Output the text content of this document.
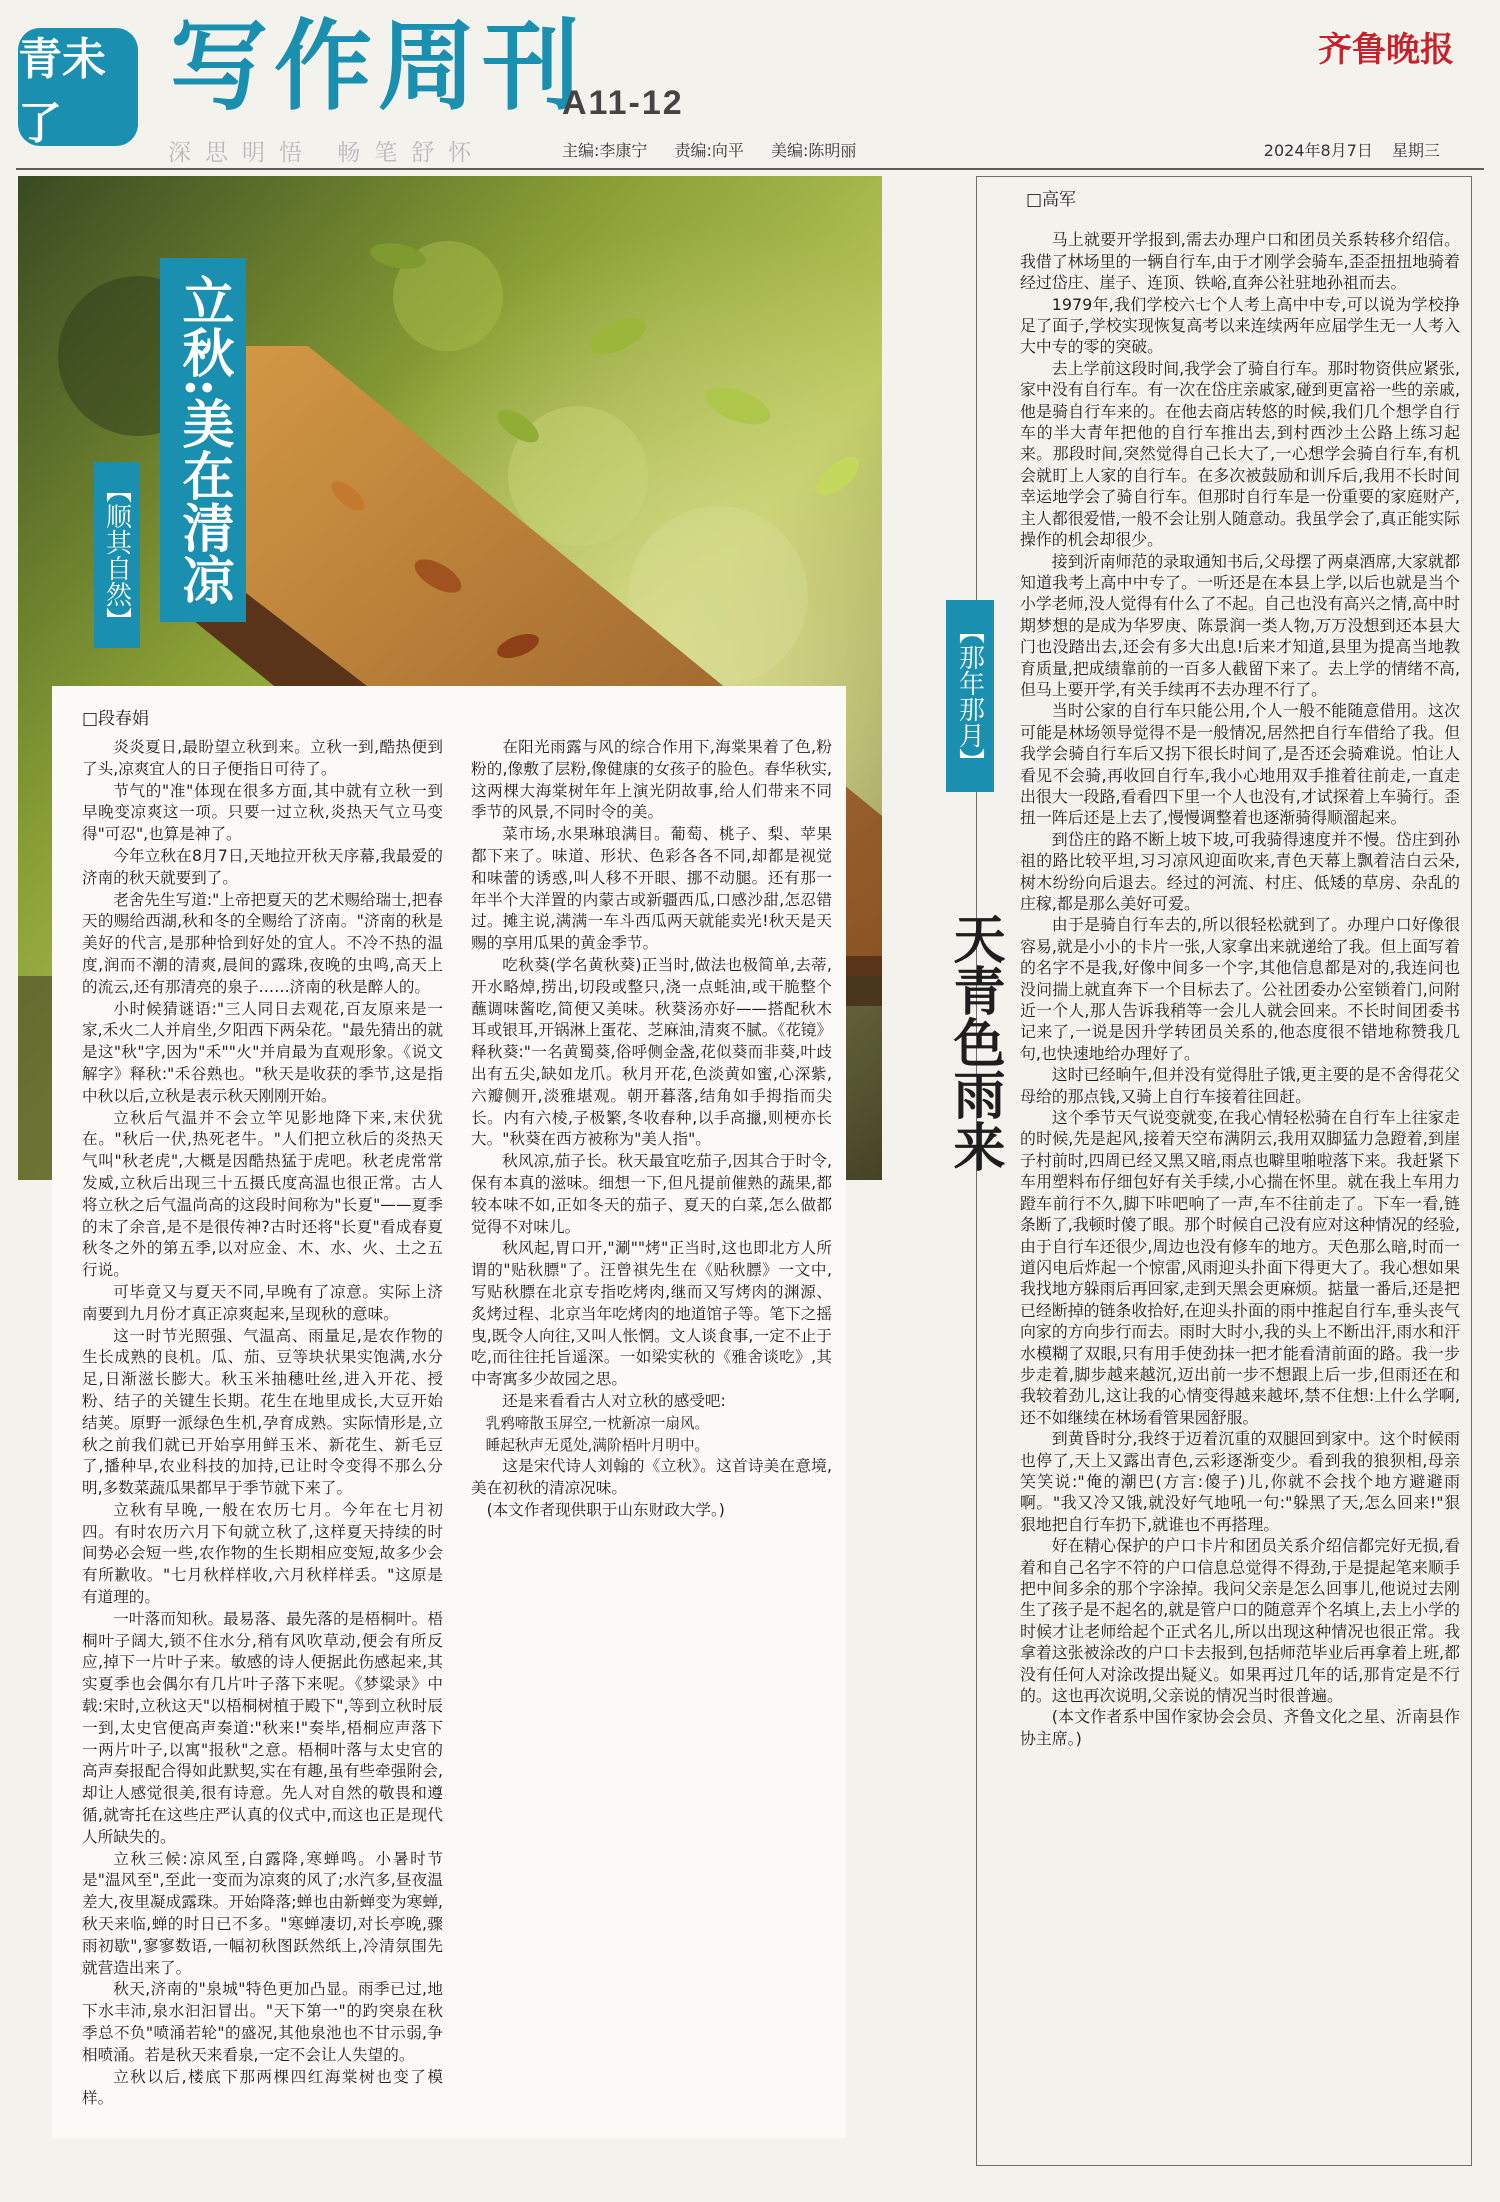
青未了	写作周刊
A11-12
齐鲁晚报
深思明悟 畅笔舒怀	主编:李康宁 责编:向平 美编:陈明丽	2024年8月7日 星期三
立秋:美在清凉
【顺其自然】
□段春娟

炎炎夏日,最盼望立秋到来。立秋一到,酷热便到了头,凉爽宜人的日子便指日可待了。

节气的"准"体现在很多方面,其中就有立秋一到早晚变凉爽这一项。只要一过立秋,炎热天气立马变得"可忍",也算是神了。

今年立秋在8月7日,天地拉开秋天序幕,我最爱的济南的秋天就要到了。

老舍先生写道:"上帝把夏天的艺术赐给瑞士,把春天的赐给西湖,秋和冬的全赐给了济南。"济南的秋是美好的代言,是那种恰到好处的宜人。不冷不热的温度,润而不潮的清爽,晨间的露珠,夜晚的虫鸣,高天上的流云,还有那清亮的泉子……济南的秋是醉人的。

小时候猜谜语:"三人同日去观花,百友原来是一家,禾火二人并肩坐,夕阳西下两朵花。"最先猜出的就是这"秋"字,因为"禾""火"并肩最为直观形象。《说文解字》释秋:"禾谷熟也。"秋天是收获的季节,这是指中秋以后,立秋是表示秋天刚刚开始。

立秋后气温并不会立竿见影地降下来,末伏犹在。"秋后一伏,热死老牛。"人们把立秋后的炎热天气叫"秋老虎",大概是因酷热猛于虎吧。秋老虎常常发威,立秋后出现三十五摄氏度高温也很正常。古人将立秋之后气温尚高的这段时间称为"长夏"——夏季的末了余音,是不是很传神?古时还将"长夏"看成春夏秋冬之外的第五季,以对应金、木、水、火、土之五行说。

可毕竟又与夏天不同,早晚有了凉意。实际上济南要到九月份才真正凉爽起来,呈现秋的意味。

这一时节光照强、气温高、雨量足,是农作物的生长成熟的良机。瓜、茄、豆等块状果实饱满,水分足,日渐滋长膨大。秋玉米抽穗吐丝,进入开花、授粉、结子的关键生长期。花生在地里成长,大豆开始结荚。原野一派绿色生机,孕育成熟。实际情形是,立秋之前我们就已开始享用鲜玉米、新花生、新毛豆了,播种早,农业科技的加持,已让时令变得不那么分明,多数菜蔬瓜果都早于季节就下来了。

立秋有早晚,一般在农历七月。今年在七月初四。有时农历六月下旬就立秋了,这样夏天持续的时间势必会短一些,农作物的生长期相应变短,故多少会有所歉收。"七月秋样样收,六月秋样样丢。"这原是有道理的。

一叶落而知秋。最易落、最先落的是梧桐叶。梧桐叶子阔大,锁不住水分,稍有风吹草动,便会有所反应,掉下一片叶子来。敏感的诗人便据此伤感起来,其实夏季也会偶尔有几片叶子落下来呢。《梦粱录》中载:宋时,立秋这天"以梧桐树植于殿下",等到立秋时辰一到,太史官便高声奏道:"秋来!"奏毕,梧桐应声落下一两片叶子,以寓"报秋"之意。梧桐叶落与太史官的高声奏报配合得如此默契,实在有趣,虽有些牵强附会,却让人感觉很美,很有诗意。先人对自然的敬畏和遵循,就寄托在这些庄严认真的仪式中,而这也正是现代人所缺失的。

立秋三候:凉风至,白露降,寒蝉鸣。小暑时节是"温风至",至此一变而为凉爽的风了;水汽多,昼夜温差大,夜里凝成露珠。开始降落;蝉也由新蝉变为寒蝉,秋天来临,蝉的时日已不多。"寒蝉凄切,对长亭晚,骤雨初歇",寥寥数语,一幅初秋图跃然纸上,冷清氛围先就营造出来了。

秋天,济南的"泉城"特色更加凸显。雨季已过,地下水丰沛,泉水汩汩冒出。"天下第一"的趵突泉在秋季总不负"喷涌若轮"的盛况,其他泉池也不甘示弱,争相喷涌。若是秋天来看泉,一定不会让人失望的。

立秋以后,楼底下那两棵四红海棠树也变了模样。

在阳光雨露与风的综合作用下,海棠果着了色,粉粉的,像敷了层粉,像健康的女孩子的脸色。春华秋实,这两棵大海棠树年年上演光阴故事,给人们带来不同季节的风景,不同时令的美。

菜市场,水果琳琅满目。葡萄、桃子、梨、苹果都下来了。味道、形状、色彩各各不同,却都是视觉和味蕾的诱惑,叫人移不开眼、挪不动腿。还有那一年半个大洋置的内蒙古或新疆西瓜,口感沙甜,怎忍错过。摊主说,满满一车斗西瓜两天就能卖光!秋天是天赐的享用瓜果的黄金季节。

吃秋葵(学名黄秋葵)正当时,做法也极简单,去蒂,开水略焯,捞出,切段或整只,浇一点蚝油,或干脆整个蘸调味酱吃,简便又美味。秋葵汤亦好——搭配秋木耳或银耳,开锅淋上蛋花、芝麻油,清爽不腻。《花镜》释秋葵:"一名黄蜀葵,俗呼侧金盏,花似葵而非葵,叶歧出有五尖,缺如龙爪。秋月开花,色淡黄如蜜,心深紫,六瓣侧开,淡雅堪观。朝开暮落,结角如手拇指而尖长。内有六棱,子极繁,冬收春种,以手高擸,则梗亦长大。"秋葵在西方被称为"美人指"。

秋风凉,茄子长。秋天最宜吃茄子,因其合于时令,保有本真的滋味。细想一下,但凡提前催熟的蔬果,都较本味不如,正如冬天的茄子、夏天的白菜,怎么做都觉得不对味儿。

秋风起,胃口开,"涮""烤"正当时,这也即北方人所谓的"贴秋膘"了。汪曾祺先生在《贴秋膘》一文中,写贴秋膘在北京专指吃烤肉,继而又写烤肉的渊源、炙烤过程、北京当年吃烤肉的地道馆子等。笔下之摇曳,既令人向往,又叫人怅惘。文人谈食事,一定不止于吃,而往往托旨遥深。一如梁实秋的《雅舍谈吃》,其中寄寓多少故园之思。

还是来看看古人对立秋的感受吧:

乳鸦啼散玉屏空,一枕新凉一扇风。

睡起秋声无觅处,满阶梧叶月明中。

这是宋代诗人刘翰的《立秋》。这首诗美在意境,美在初秋的清凉况味。

(本文作者现供职于山东财政大学。)

【那年那月】
天青色雨来
□高军

马上就要开学报到,需去办理户口和团员关系转移介绍信。我借了林场里的一辆自行车,由于才刚学会骑车,歪歪扭扭地骑着经过岱庄、崖子、连顶、铁峪,直奔公社驻地孙祖而去。

1979年,我们学校六七个人考上高中中专,可以说为学校挣足了面子,学校实现恢复高考以来连续两年应届学生无一人考入大中专的零的突破。

去上学前这段时间,我学会了骑自行车。那时物资供应紧张,家中没有自行车。有一次在岱庄亲戚家,碰到更富裕一些的亲戚,他是骑自行车来的。在他去商店转悠的时候,我们几个想学自行车的半大青年把他的自行车推出去,到村西沙土公路上练习起来。那段时间,突然觉得自己长大了,一心想学会骑自行车,有机会就盯上人家的自行车。在多次被鼓励和训斥后,我用不长时间幸运地学会了骑自行车。但那时自行车是一份重要的家庭财产,主人都很爱惜,一般不会让别人随意动。我虽学会了,真正能实际操作的机会却很少。

接到沂南师范的录取通知书后,父母摆了两桌酒席,大家就都知道我考上高中中专了。一听还是在本县上学,以后也就是当个小学老师,没人觉得有什么了不起。自己也没有高兴之情,高中时期梦想的是成为华罗庚、陈景润一类人物,万万没想到还本县大门也没踏出去,还会有多大出息!后来才知道,县里为提高当地教育质量,把成绩靠前的一百多人截留下来了。去上学的情绪不高,但马上要开学,有关手续再不去办理不行了。

当时公家的自行车只能公用,个人一般不能随意借用。这次可能是林场领导觉得不是一般情况,居然把自行车借给了我。但我学会骑自行车后又拐下很长时间了,是否还会骑难说。怕让人看见不会骑,再收回自行车,我小心地用双手推着往前走,一直走出很大一段路,看看四下里一个人也没有,才试探着上车骑行。歪扭一阵后还是上去了,慢慢调整着也逐渐骑得顺溜起来。

到岱庄的路不断上坡下坡,可我骑得速度并不慢。岱庄到孙祖的路比较平坦,习习凉风迎面吹来,青色天幕上飘着洁白云朵,树木纷纷向后退去。经过的河流、村庄、低矮的草房、杂乱的庄稼,都是那么美好可爱。

由于是骑自行车去的,所以很轻松就到了。办理户口好像很容易,就是小小的卡片一张,人家拿出来就递给了我。但上面写着的名字不是我,好像中间多一个字,其他信息都是对的,我连问也没问揣上就直奔下一个目标去了。公社团委办公室锁着门,问附近一个人,那人告诉我稍等一会儿人就会回来。不长时间团委书记来了,一说是因升学转团员关系的,他态度很不错地称赞我几句,也快速地给办理好了。

这时已经晌午,但并没有觉得肚子饿,更主要的是不舍得花父母给的那点钱,又骑上自行车接着往回赶。

这个季节天气说变就变,在我心情轻松骑在自行车上往家走的时候,先是起风,接着天空布满阴云,我用双脚猛力急蹬着,到崖子村前时,四周已经又黑又暗,雨点也噼里啪啦落下来。我赶紧下车用塑料布仔细包好有关手续,小心揣在怀里。就在我上车用力蹬车前行不久,脚下咔吧响了一声,车不往前走了。下车一看,链条断了,我顿时傻了眼。那个时候自己没有应对这种情况的经验,由于自行车还很少,周边也没有修车的地方。天色那么暗,时而一道闪电后炸起一个惊雷,风雨迎头扑面下得更大了。我心想如果我找地方躲雨后再回家,走到天黑会更麻烦。掂量一番后,还是把已经断掉的链条收拾好,在迎头扑面的雨中推起自行车,垂头丧气向家的方向步行而去。雨时大时小,我的头上不断出汗,雨水和汗水模糊了双眼,只有用手使劲抹一把才能看清前面的路。我一步步走着,脚步越来越沉,迈出前一步不想跟上后一步,但雨还在和我较着劲儿,这让我的心情变得越来越坏,禁不住想:上什么学啊,还不如继续在林场看管果园舒服。

到黄昏时分,我终于迈着沉重的双腿回到家中。这个时候雨也停了,天上又露出青色,云彩逐渐变少。看到我的狼狈相,母亲笑笑说:"俺的潮巴(方言:傻子)儿,你就不会找个地方避避雨啊。"我又冷又饿,就没好气地吼一句:"躲黑了天,怎么回来!"狠狠地把自行车扔下,就谁也不再搭理。

好在精心保护的户口卡片和团员关系介绍信都完好无损,看着和自己名字不符的户口信息总觉得不得劲,于是提起笔来顺手把中间多余的那个字涂掉。我问父亲是怎么回事儿,他说过去刚生了孩子是不起名的,就是管户口的随意弄个名填上,去上小学的时候才让老师给起个正式名儿,所以出现这种情况也很正常。我拿着这张被涂改的户口卡去报到,包括师范毕业后再拿着上班,都没有任何人对涂改提出疑义。如果再过几年的话,那肯定是不行的。这也再次说明,父亲说的情况当时很普遍。

(本文作者系中国作家协会会员、齐鲁文化之星、沂南县作协主席。)
